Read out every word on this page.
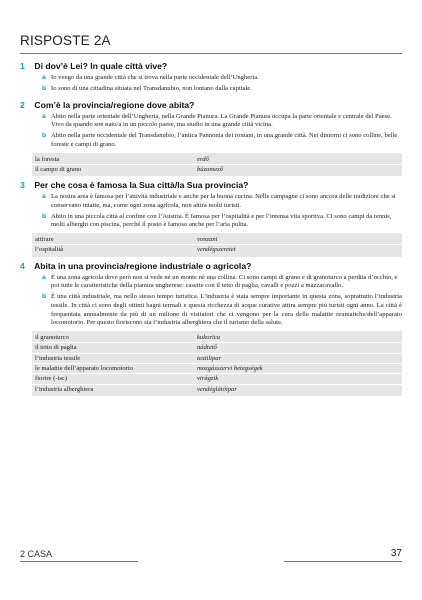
RISPOSTE 2A
1 Di dov’è Lei? In quale città vive?
a Io vengo da una grande città che si trova nella parte occidentale dell’Ungheria.
b Io sono di una cittadina situata nel Transdanubio, non lontano dalla capitale.
2 Com’è la provincia/regione dove abita?
a Abito nella parte orientale dell’Ungheria, nella Grande Pianura. La Grande Pianura occupa la parte orientale e centrale del Paese. Vivo da quando son nato/a in un piccolo paese, ma studio in una grande città vicina.
b Abito nella parte occidentale del Transdanubio, l’antica Pannonia dei romani, in una grande città. Nei dintorni ci sono colline, belle foreste e campi di grano.
la foresta	erdő
il campo di grano	búzamező
3 Per che cosa è famosa la Sua città/la Sua provincia?
a La nostra area è famosa per l’attività industriale e anche per la buona cucina. Nelle campagne ci sono ancora delle tradizioni che si conservano intatte, ma, come ogni zona agricola, non attira molti turisti.
b Abito in una piccola città al confine con l’Austria. È famosa per l’ospitalità e per l’intensa vita sportiva. Ci sono campi da tennis, molti alberghi con piscina, perché il posto è famoso anche per l’aria pulita.
attirare	vonzani
l’ospitalità	vendégszeretet
4 Abita in una provincia/regione industriale o agricola?
a È una zona agricola dove però non si vede né un monte né una collina. Ci sono campi di grano e di granoturco a perdita d’occhio, e poi tutte le caratteristiche della pianura ungherese: casette con il tetto di paglia, cavalli e pozzi a mazzacavallo.
b È una città industriale, ma nello stesso tempo turistica. L’industria è stata sempre importante in questa zona, soprattutto l’industria tessile. In città ci sono degli ottimi bagni termali e questa ricchezza di acque curative attira sempre più turisti ogni anno. La città è frequentata annualmente da più di un milione di visitatori che ci vengono per la cura delle malattie reumatiche/dell’apparato locomotorio. Per questo fioriscono sia l’industria alberghiera che il turismo della salute.
il granoturco	kukorica
il tetto di paglia	nádtető
l’industria tessile	textilipar
le malattie dell’apparato locomotorio	mozgásszervi betegségek
fiorire (-isc)	virágzik
l’industria alberghiera	vendéglátóipar
2 CASA	37
